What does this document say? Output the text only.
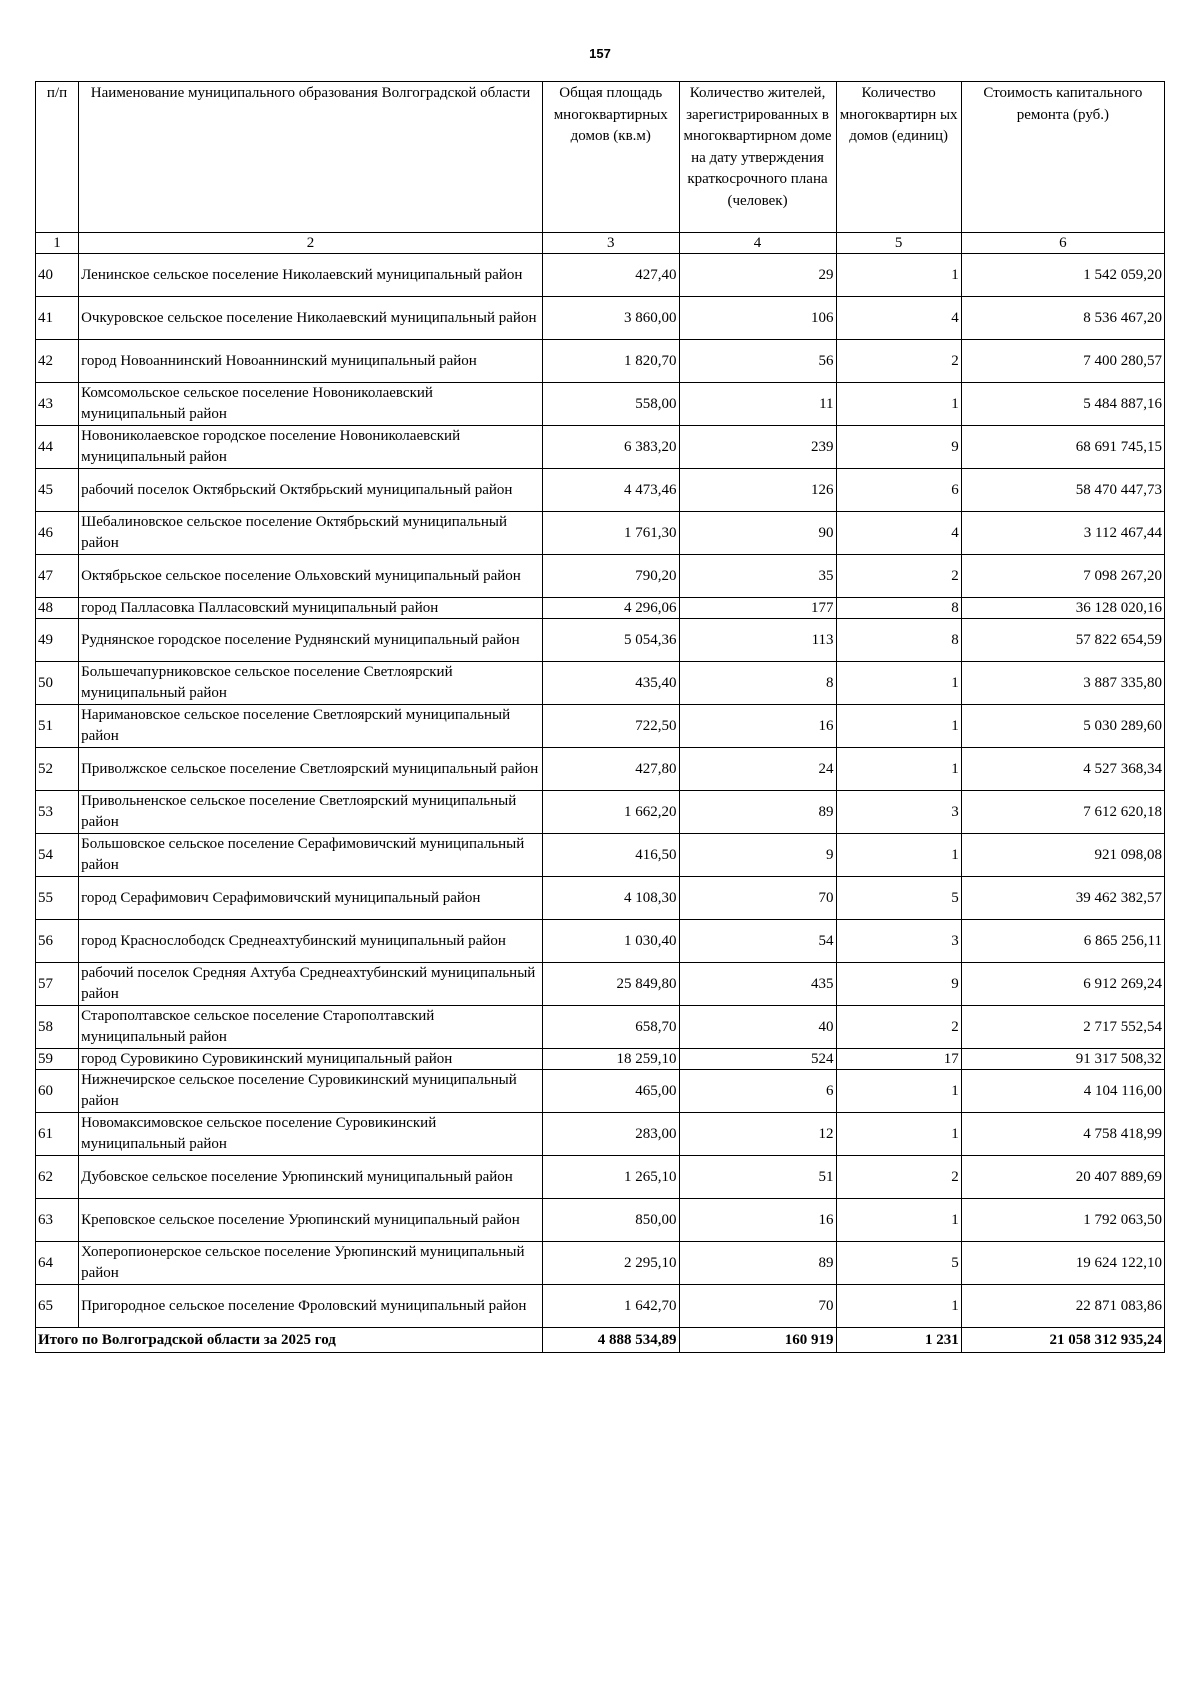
157
п/п	Наименование муниципального образования Волгоградской области	Общая площадь многоквартирных домов (кв.м)	Количество жителей, зарегистрированных в многоквартирном доме на дату утверждения краткосрочного плана (человек)	Количество многоквартирн ых домов (единиц)	Стоимость капитального ремонта (руб.)
1	2	3	4	5	6
40	Ленинское сельское поселение Николаевский муниципальный район	427,40	29	1	1 542 059,20
41	Очкуровское сельское поселение Николаевский муниципальный район	3 860,00	106	4	8 536 467,20
42	город Новоаннинский Новоаннинский муниципальный район	1 820,70	56	2	7 400 280,57
43	Комсомольское сельское поселение Новониколаевский муниципальный район	558,00	11	1	5 484 887,16
44	Новониколаевское городское поселение Новониколаевский муниципальный район	6 383,20	239	9	68 691 745,15
45	рабочий поселок Октябрьский Октябрьский муниципальный район	4 473,46	126	6	58 470 447,73
46	Шебалиновское сельское поселение Октябрьский муниципальный район	1 761,30	90	4	3 112 467,44
47	Октябрьское сельское поселение Ольховский муниципальный район	790,20	35	2	7 098 267,20
48	город Палласовка Палласовский муниципальный район	4 296,06	177	8	36 128 020,16
49	Руднянское городское поселение Руднянский муниципальный район	5 054,36	113	8	57 822 654,59
50	Большечапурниковское сельское поселение Светлоярский муниципальный район	435,40	8	1	3 887 335,80
51	Наримановское сельское поселение Светлоярский муниципальный район	722,50	16	1	5 030 289,60
52	Приволжское сельское поселение Светлоярский муниципальный район	427,80	24	1	4 527 368,34
53	Привольненское сельское поселение Светлоярский муниципальный район	1 662,20	89	3	7 612 620,18
54	Большовское сельское поселение Серафимовичский муниципальный район	416,50	9	1	921 098,08
55	город Серафимович Серафимовичский муниципальный район	4 108,30	70	5	39 462 382,57
56	город Краснослободск Среднеахтубинский муниципальный район	1 030,40	54	3	6 865 256,11
57	рабочий поселок Средняя Ахтуба Среднеахтубинский муниципальный район	25 849,80	435	9	6 912 269,24
58	Старополтавское сельское поселение Старополтавский муниципальный район	658,70	40	2	2 717 552,54
59	город Суровикино Суровикинский муниципальный район	18 259,10	524	17	91 317 508,32
60	Нижнечирское сельское поселение Суровикинский муниципальный район	465,00	6	1	4 104 116,00
61	Новомаксимовское сельское поселение Суровикинский муниципальный район	283,00	12	1	4 758 418,99
62	Дубовское сельское поселение Урюпинский муниципальный район	1 265,10	51	2	20 407 889,69
63	Креповское сельское поселение Урюпинский муниципальный район	850,00	16	1	1 792 063,50
64	Хоперопионерское сельское поселение Урюпинский муниципальный район	2 295,10	89	5	19 624 122,10
65	Пригородное сельское поселение Фроловский муниципальный район	1 642,70	70	1	22 871 083,86
Итого по Волгоградской области за 2025 год		4 888 534,89	160 919	1 231	21 058 312 935,24
